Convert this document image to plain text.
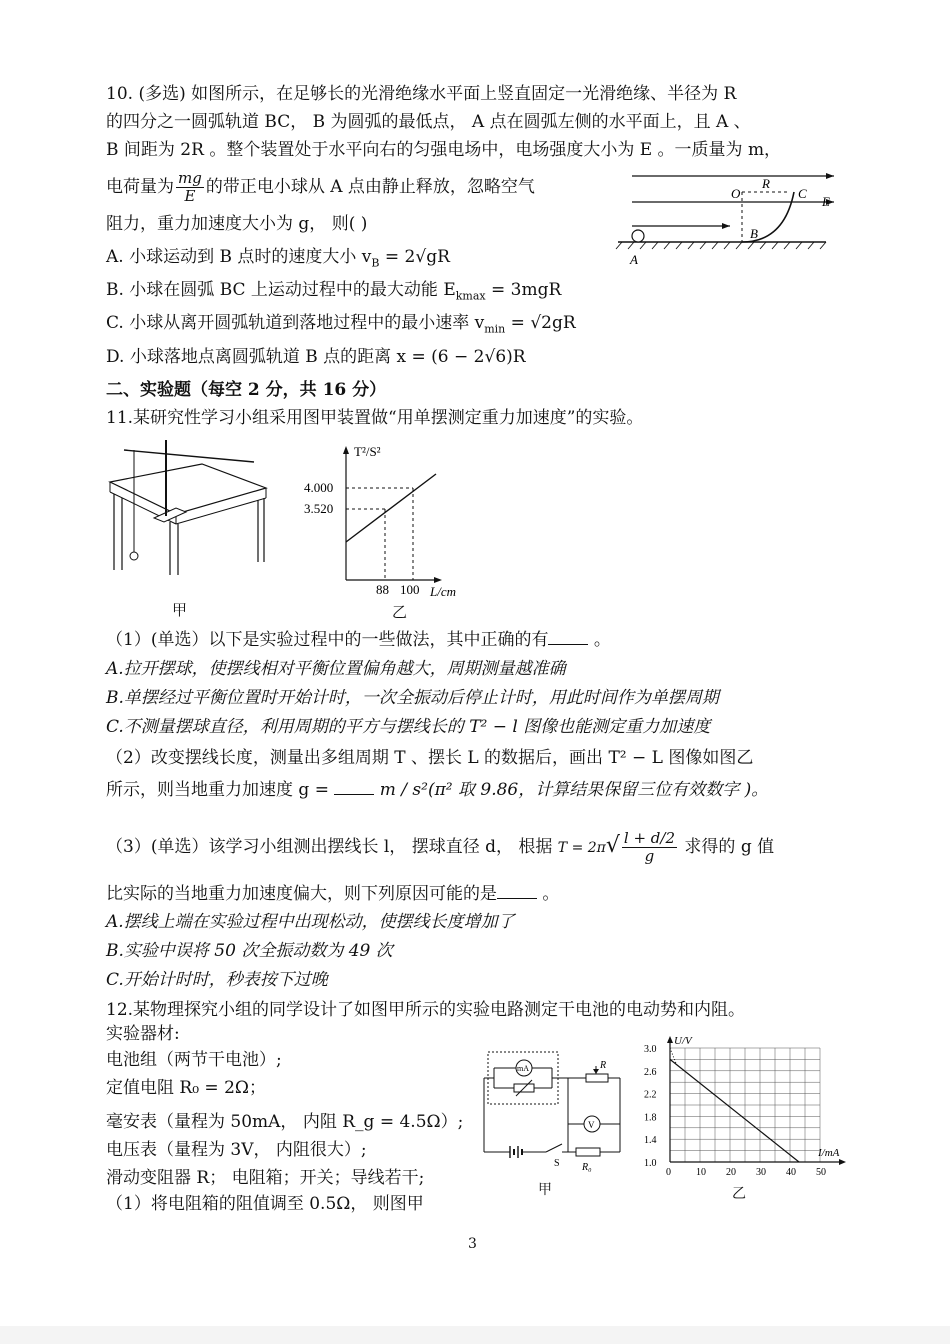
10. (多选) 如图所示，在足够长的光滑绝缘水平面上竖直固定一光滑绝缘、半径为 R
的四分之一圆弧轨道 BC， B 为圆弧的最低点， A 点在圆弧左侧的水平面上，且 A 、
B 间距为 2R 。整个装置处于水平向右的匀强电场中，电场强度大小为 E 。一质量为 m，
电荷量为 $\frac{mg}{E}$ 的带正电小球从 A 点由静止释放，忽略空气
阻力，重力加速度大小为 g， 则( )
A. 小球运动到 B 点时的速度大小 $v_B = 2√gR$
B. 小球在圆弧 BC 上运动过程中的最大动能 $E_{kmax} = 3mgR$
C. 小球从离开圆弧轨道到落地过程中的最小速率 $v_{min} = √2gR$
D. 小球落地点离圆弧轨道 B 点的距离 x = (6 − 2√6)R
O
R
C
E
B
A
二、实验题（每空 2 分，共 16 分）
11.某研究性学习小组采用图甲装置做“用单摆测定重力加速度”的实验。
甲
T²/S²
4.000
3.520
88 100 L/cm
乙
（1）(单选）以下是实验过程中的一些做法，其中正确的有	。
A.拉开摆球，使摆线相对平衡位置偏角越大，周期测量越准确
B.单摆经过平衡位置时开始计时，一次全振动后停止计时，用此时间作为单摆周期
C.不测量摆球直径，利用周期的平方与摆线长的 T² − l 图像也能测定重力加速度
（2）改变摆线长度，测量出多组周期 T 、摆长 L 的数据后，画出 T² − L 图像如图乙
所示，则当地重力加速度 g =	m / s²(π² 取 9.86，计算结果保留三位有效数字 )。
（3）(单选）该学习小组测出摆线长 l， 摆球直径 d， 根据 $T = 2\pi√ \frac{l + d/2}{g}$ 求得的 g 值
比实际的当地重力加速度偏大，则下列原因可能的是	。
A.摆线上端在实验过程中出现松动，使摆线长度增加了
B.实验中误将 50 次全振动数为 49 次
C.开始计时时，秒表按下过晚
12.某物理探究小组的同学设计了如图甲所示的实验电路测定干电池的电动势和内阻。
实验器材:
电池组（两节干电池）;
定值电阻 R₀ = 2Ω；
毫安表（量程为 50mA， 内阻 R_g = 4.5Ω）;
电压表（量程为 3V， 内阻很大）;
滑动变阻器 R； 电阻箱；开关；导线若干;
（1）将电阻箱的阻值调至 0.5Ω， 则图甲
mA	R
V
S R₀
甲
U/V
I/mA
0	10 20 30 40 50
1.0
1.4
1.8
2.2
2.6
3.0
乙
3
